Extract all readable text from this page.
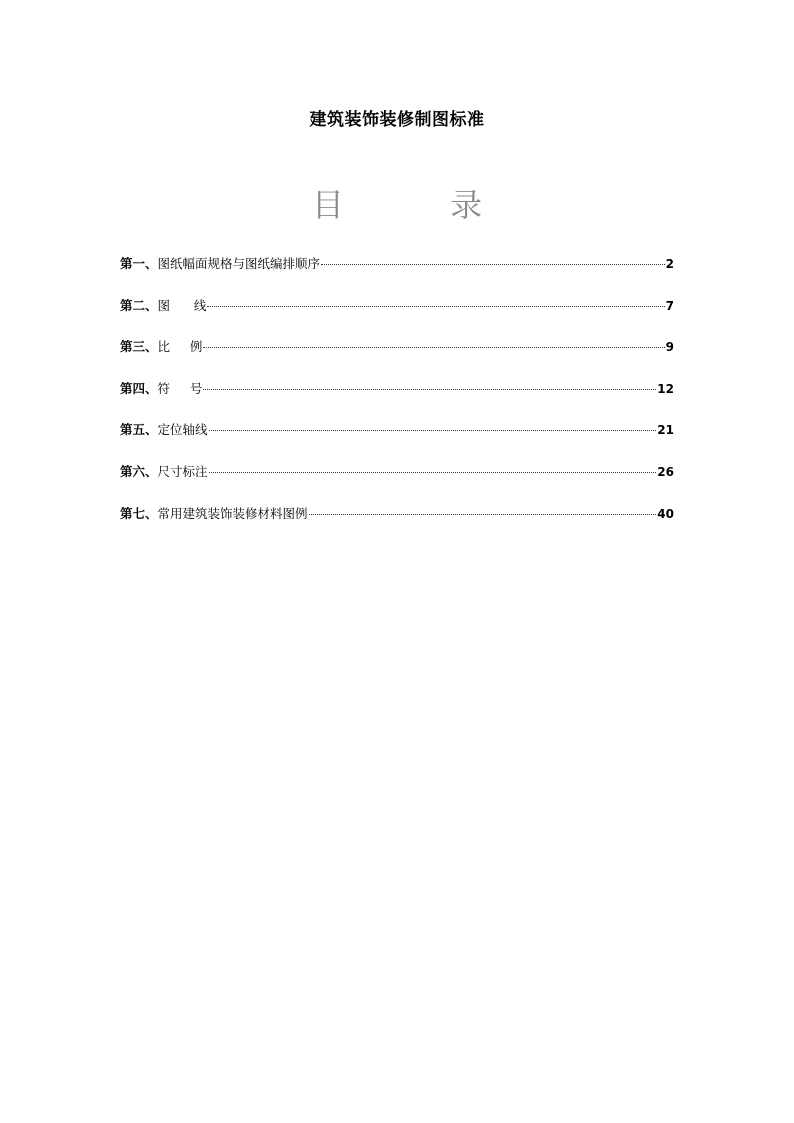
建筑装饰装修制图标准
目 录
第一、图纸幅面规格与图纸编排顺序	2
第二、图      线	7
第三、比     例	9
第四、符     号	12
第五、定位轴线	21
第六、尺寸标注	26
第七、常用建筑装饰装修材料图例	40
